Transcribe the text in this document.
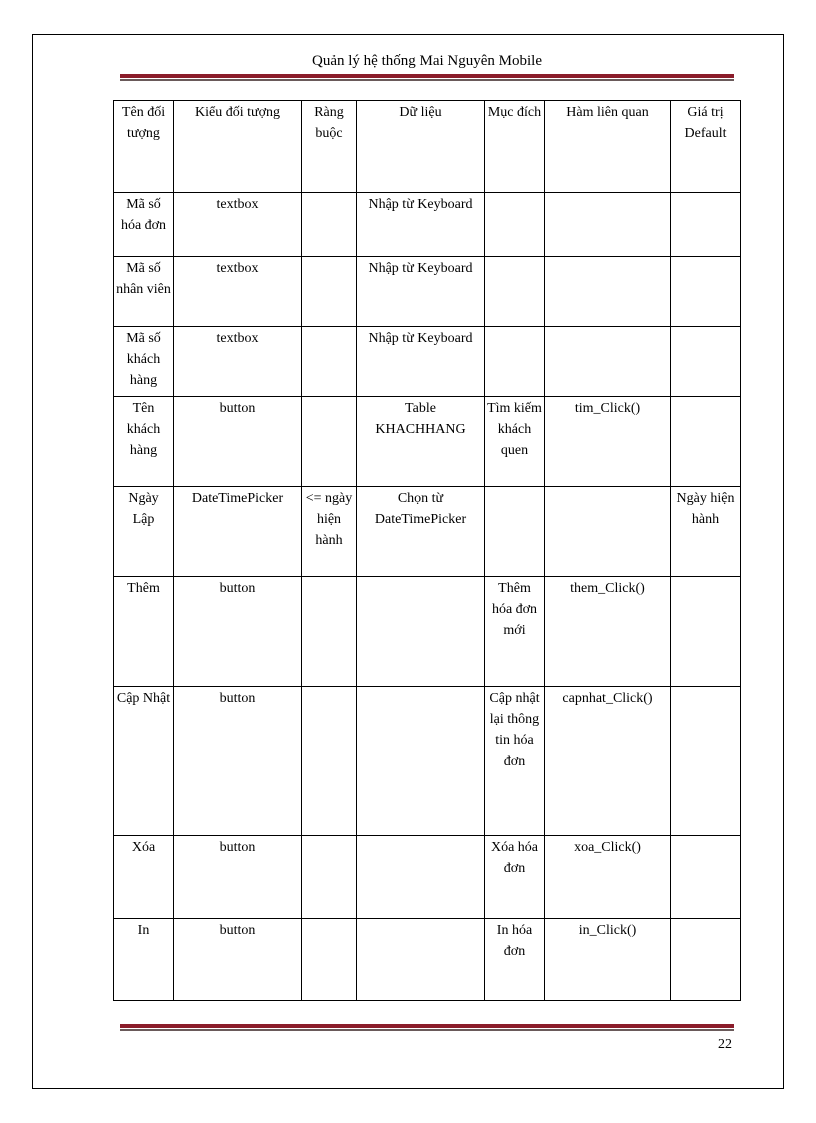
Quản lý hệ thống Mai Nguyên Mobile
Tên đối tượng	Kiểu đối tượng	Ràng buộc	Dữ liệu	Mục đích	Hàm liên quan	Giá trị Default
Mã số hóa đơn	textbox		Nhập từ Keyboard			
Mã số nhân viên	textbox		Nhập từ Keyboard			
Mã số khách hàng	textbox		Nhập từ Keyboard			
Tên khách hàng	button		Table KHACHHANG	Tìm kiếm khách quen	tim_Click()	
Ngày Lập	DateTimePicker	<= ngày hiện hành	Chọn từ DateTimePicker			Ngày hiện hành
Thêm	button			Thêm hóa đơn mới	them_Click()	
Cập Nhật	button			Cập nhật lại thông tin hóa đơn	capnhat_Click()	
Xóa	button			Xóa hóa đơn	xoa_Click()	
In	button			In hóa đơn	in_Click()	
22
